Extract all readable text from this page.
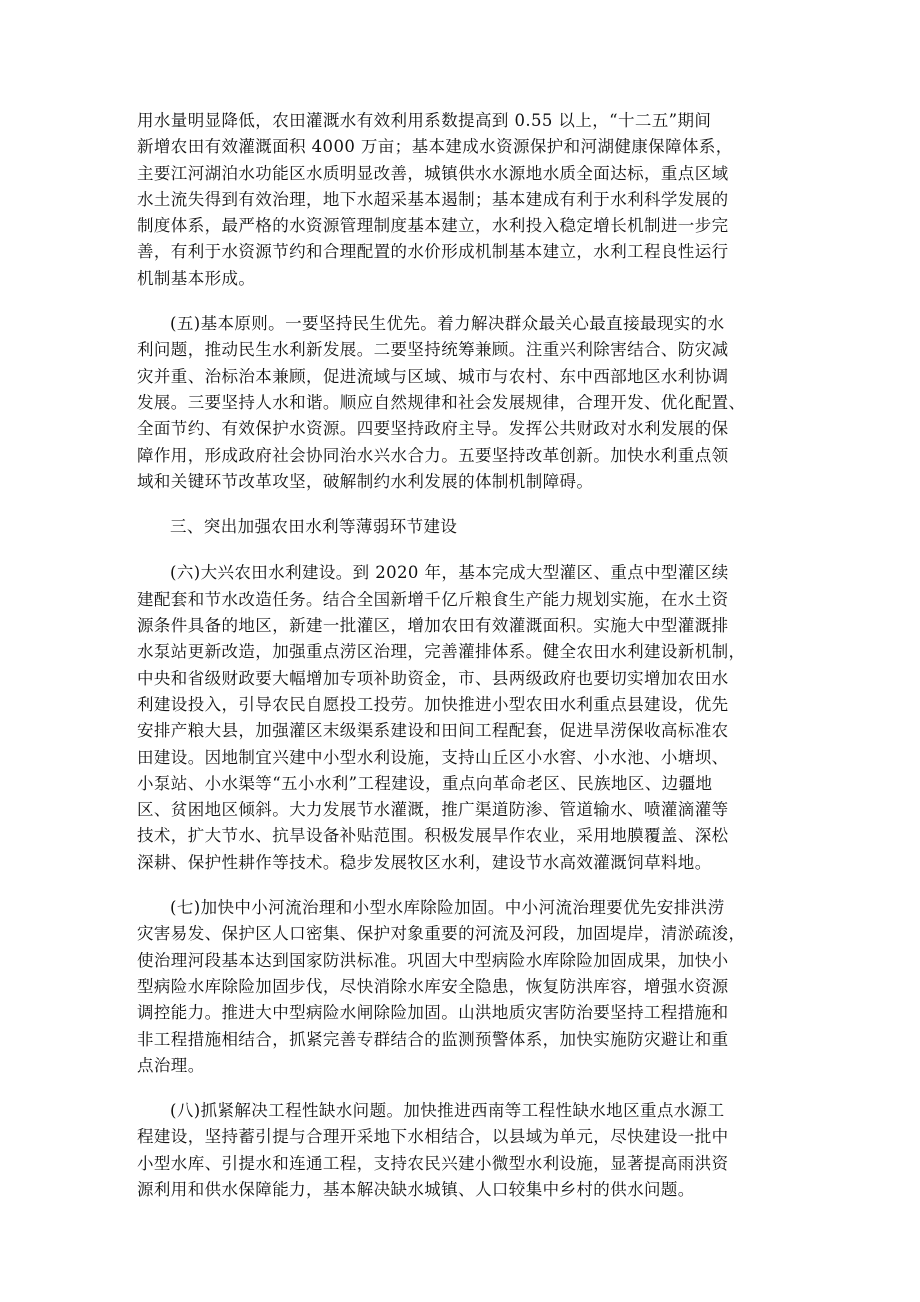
用水量明显降低，农田灌溉水有效利用系数提高到 0.55 以上，“十二五”期间
新增农田有效灌溉面积 4000 万亩；基本建成水资源保护和河湖健康保障体系，
主要江河湖泊水功能区水质明显改善，城镇供水水源地水质全面达标，重点区域
水土流失得到有效治理，地下水超采基本遏制；基本建成有利于水利科学发展的
制度体系，最严格的水资源管理制度基本建立，水利投入稳定增长机制进一步完
善，有利于水资源节约和合理配置的水价形成机制基本建立，水利工程良性运行
机制基本形成。
(五)基本原则。一要坚持民生优先。着力解决群众最关心最直接最现实的水
利问题，推动民生水利新发展。二要坚持统筹兼顾。注重兴利除害结合、防灾减
灾并重、治标治本兼顾，促进流域与区域、城市与农村、东中西部地区水利协调
发展。三要坚持人水和谐。顺应自然规律和社会发展规律，合理开发、优化配置、
全面节约、有效保护水资源。四要坚持政府主导。发挥公共财政对水利发展的保
障作用，形成政府社会协同治水兴水合力。五要坚持改革创新。加快水利重点领
域和关键环节改革攻坚，破解制约水利发展的体制机制障碍。
三、突出加强农田水利等薄弱环节建设
(六)大兴农田水利建设。到 2020 年，基本完成大型灌区、重点中型灌区续
建配套和节水改造任务。结合全国新增千亿斤粮食生产能力规划实施，在水土资
源条件具备的地区，新建一批灌区，增加农田有效灌溉面积。实施大中型灌溉排
水泵站更新改造，加强重点涝区治理，完善灌排体系。健全农田水利建设新机制，
中央和省级财政要大幅增加专项补助资金，市、县两级政府也要切实增加农田水
利建设投入，引导农民自愿投工投劳。加快推进小型农田水利重点县建设，优先
安排产粮大县，加强灌区末级渠系建设和田间工程配套，促进旱涝保收高标准农
田建设。因地制宜兴建中小型水利设施，支持山丘区小水窖、小水池、小塘坝、
小泵站、小水渠等“五小水利”工程建设，重点向革命老区、民族地区、边疆地
区、贫困地区倾斜。大力发展节水灌溉，推广渠道防渗、管道输水、喷灌滴灌等
技术，扩大节水、抗旱设备补贴范围。积极发展旱作农业，采用地膜覆盖、深松
深耕、保护性耕作等技术。稳步发展牧区水利，建设节水高效灌溉饲草料地。
(七)加快中小河流治理和小型水库除险加固。中小河流治理要优先安排洪涝
灾害易发、保护区人口密集、保护对象重要的河流及河段，加固堤岸，清淤疏浚，
使治理河段基本达到国家防洪标准。巩固大中型病险水库除险加固成果，加快小
型病险水库除险加固步伐，尽快消除水库安全隐患，恢复防洪库容，增强水资源
调控能力。推进大中型病险水闸除险加固。山洪地质灾害防治要坚持工程措施和
非工程措施相结合，抓紧完善专群结合的监测预警体系，加快实施防灾避让和重
点治理。
(八)抓紧解决工程性缺水问题。加快推进西南等工程性缺水地区重点水源工
程建设，坚持蓄引提与合理开采地下水相结合，以县域为单元，尽快建设一批中
小型水库、引提水和连通工程，支持农民兴建小微型水利设施，显著提高雨洪资
源利用和供水保障能力，基本解决缺水城镇、人口较集中乡村的供水问题。
